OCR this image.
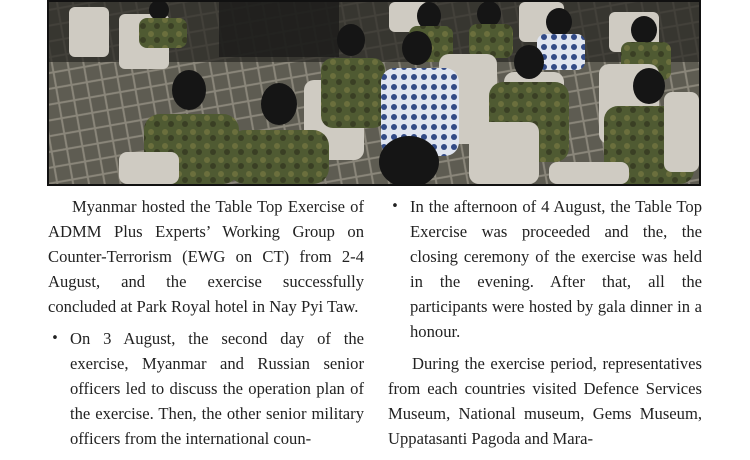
Myanmar hosted the Table Top Exercise of ADMM Plus Experts’ Working Group on Counter-Terrorism (EWG on CT) from 2-4 August, and the exercise successfully concluded at Park Royal hotel in Nay Pyi Taw.

• On 3 August, the second day of the exercise, Myanmar and Russian senior officers led to discuss the operation plan of the exercise. Then, the other senior military officers from the international coun-

• In the afternoon of 4 August, the Table Top Exercise was proceeded and the, the closing ceremony of the exercise was held in the evening. After that, all the participants were hosted by gala dinner in a honour.

During the exercise period, representatives from each countries visited Defence Services Museum, National museum, Gems Museum, Uppatasanti Pagoda and Mara-
